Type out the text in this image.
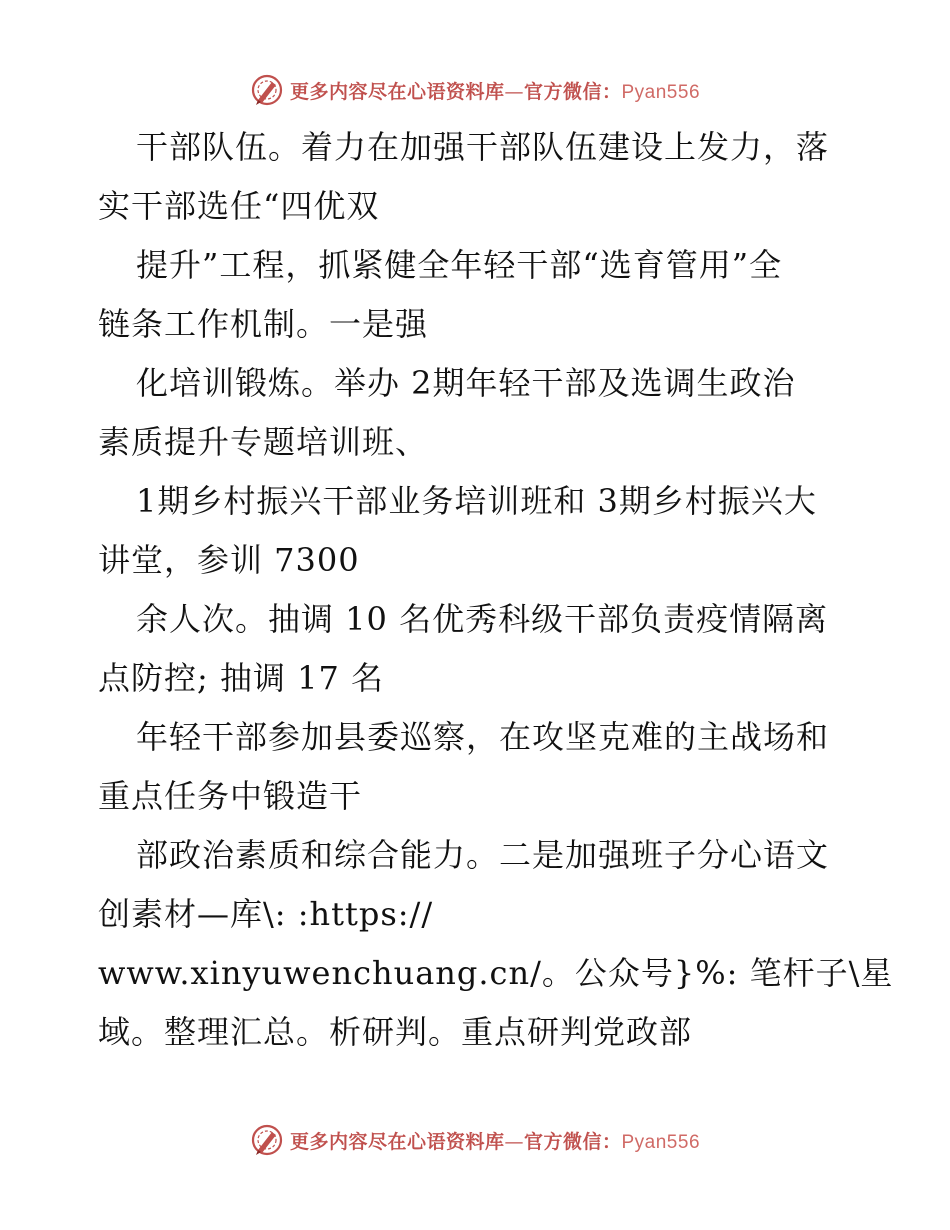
更多内容尽在心语资料库—官方微信：Pyan556
干部队伍。着力在加强干部队伍建设上发力，落
实干部选任“四优双
提升”工程，抓紧健全年轻干部“选育管用”全
链条工作机制。一是强
化培训锻炼。举办 2期年轻干部及选调生政治
素质提升专题培训班、
1期乡村振兴干部业务培训班和 3期乡村振兴大
讲堂，参训 7300
余人次。抽调 10 名优秀科级干部负责疫情隔离
点防控; 抽调 17 名
年轻干部参加县委巡察，在攻坚克难的主战场和
重点任务中锻造干
部政治素质和综合能力。二是加强班子分心语文
创素材—库\: :https://
www.xinyuwenchuang.cn/。公众号}%: 笔杆子\星
域。整理汇总。析研判。重点研判党政部
更多内容尽在心语资料库—官方微信：Pyan556
